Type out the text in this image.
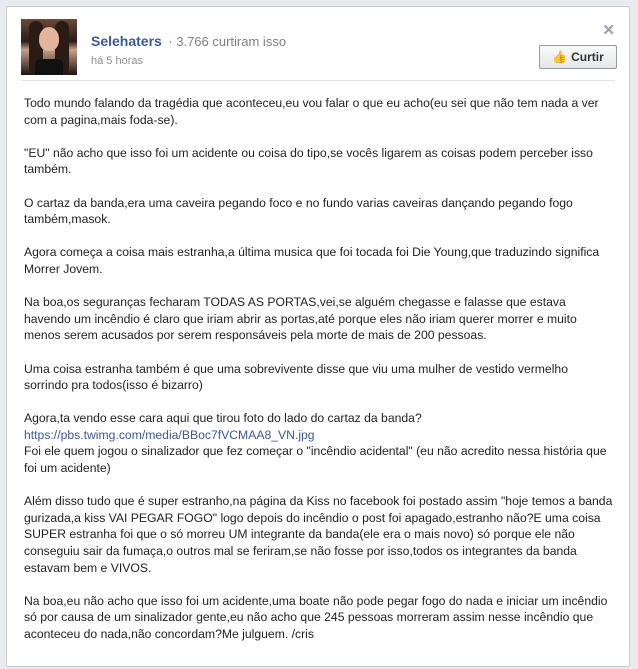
Selehaters · 3.766 curtiram isso
há 5 horas
✕
👍 Curtir

Todo mundo falando da tragédia que aconteceu,eu vou falar o que eu acho(eu sei que não tem nada a ver com a pagina,mais foda-se).

"EU" não acho que isso foi um acidente ou coisa do tipo,se vocês ligarem as coisas podem perceber isso também.

O cartaz da banda,era uma caveira pegando foco e no fundo varias caveiras dançando pegando fogo também,masok.

Agora começa a coisa mais estranha,a última musica que foi tocada foi Die Young,que traduzindo significa Morrer Jovem.

Na boa,os seguranças fecharam TODAS AS PORTAS,vei,se alguém chegasse e falasse que estava havendo um incêndio é claro que iriam abrir as portas,até porque eles não iriam querer morrer e muito menos serem acusados por serem responsáveis pela morte de mais de 200 pessoas.

Uma coisa estranha também é que uma sobrevivente disse que viu uma mulher de vestido vermelho sorrindo pra todos(isso é bizarro)

Agora,ta vendo esse cara aqui que tirou foto do lado do cartaz da banda?
https://pbs.twimg.com/media/BBoc7fVCMAA8_VN.jpg
Foi ele quem jogou o sinalizador que fez começar o "incêndio acidental" (eu não acredito nessa história que foi um acidente)

Além disso tudo que é super estranho,na página da Kiss no facebook foi postado assim "hoje temos a banda gurizada,a kiss VAI PEGAR FOGO" logo depois do incêndio o post foi apagado,estranho não?E uma coisa SUPER estranha foi que o só morreu UM integrante da banda(ele era o mais novo) só porque ele não conseguiu sair da fumaça,o outros mal se feriram,se não fosse por isso,todos os integrantes da banda estavam bem e VIVOS.

Na boa,eu não acho que isso foi um acidente,uma boate não pode pegar fogo do nada e iniciar um incêndio só por causa de um sinalizador gente,eu não acho que 245 pessoas morreram assim nesse incêndio que aconteceu do nada,não concordam?Me julguem. /cris
